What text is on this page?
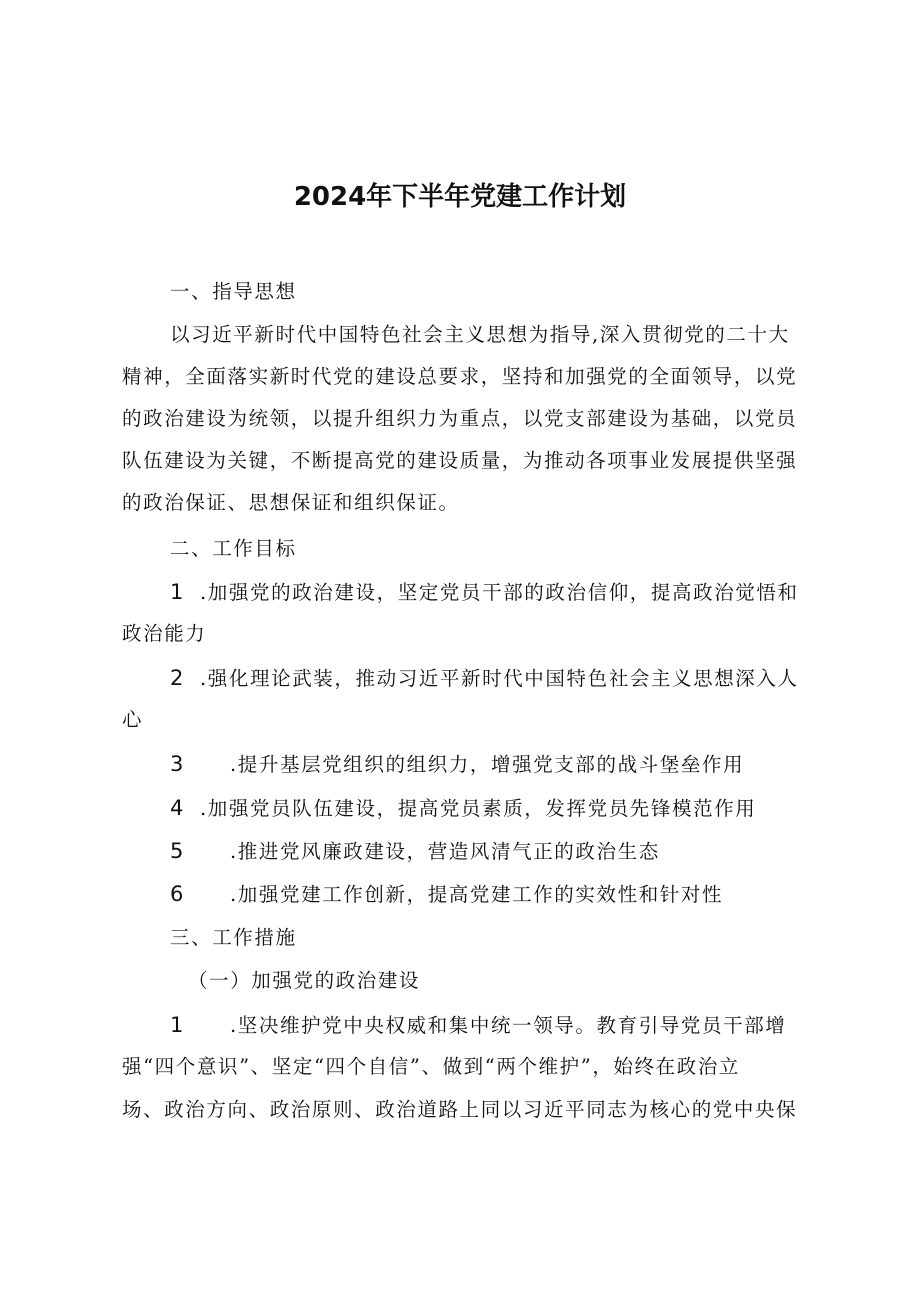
2024年下半年党建工作计划

一、指导思想

以习近平新时代中国特色社会主义思想为指导,深入贯彻党的二十大

精神，全面落实新时代党的建设总要求，坚持和加强党的全面领导，以党

的政治建设为统领，以提升组织力为重点，以党支部建设为基础，以党员

队伍建设为关键，不断提高党的建设质量，为推动各项事业发展提供坚强

的政治保证、思想保证和组织保证。

二、工作目标

1 .加强党的政治建设，坚定党员干部的政治信仰，提高政治觉悟和

政治能力

2 .强化理论武装，推动习近平新时代中国特色社会主义思想深入人

心

3 .提升基层党组织的组织力，增强党支部的战斗堡垒作用

4 .加强党员队伍建设，提高党员素质，发挥党员先锋模范作用

5 .推进党风廉政建设，营造风清气正的政治生态

6 .加强党建工作创新，提高党建工作的实效性和针对性

三、工作措施

（一）加强党的政治建设

1 .坚决维护党中央权威和集中统一领导。教育引导党员干部增

强“四个意识”、坚定“四个自信”、做到“两个维护”，始终在政治立

场、政治方向、政治原则、政治道路上同以习近平同志为核心的党中央保
